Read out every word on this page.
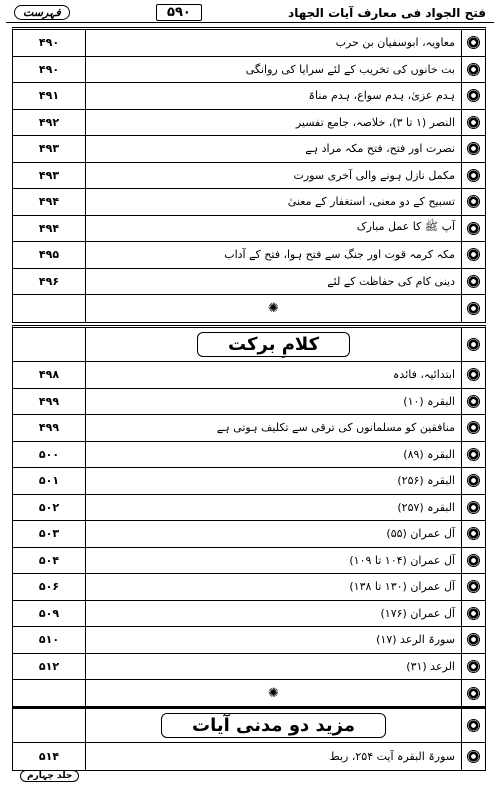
فتح الجواد فی معارف آیات الجهاد
۵۹۰
فہرست
۴۹۰	معاویہ، ابوسفیان بن حرب
۴۹۰	بت خانوں کی تخریب کے لئے سرایا کی روانگی
۴۹۱	ہدم عزیٰ، ہدم سواع، ہدم مناۃ
۴۹۲	النصر (۱ تا ۳)، خلاصہ، جامع تفسیر
۴۹۳	نصرت اور فتح، فتح مکہ مراد ہے
۴۹۳	مکمل نازل ہونے والی آخری سورت
۴۹۴	تسبیح کے دو معنی، استغفار کے معنیٰ
۴۹۴	آپ ﷺ کا عمل مبارک
۴۹۵	مکہ کرمہ قوت اور جنگ سے فتح ہوا، فتح کے آداب
۴۹۶	دینی کام کی حفاظت کے لئے
✺
کلامِ برکت
۴۹۸	ابتدائیہ، فائدہ
۴۹۹	البقرہ (۱۰)
۴۹۹	منافقین کو مسلمانوں کی ترقی سے تکلیف ہوتی ہے
۵۰۰	البقرہ (۸۹)
۵۰۱	البقرہ (۲۵۶)
۵۰۲	البقرہ (۲۵۷)
۵۰۳	آل عمران (۵۵)
۵۰۴	آل عمران (۱۰۴ تا ۱۰۹)
۵۰۶	آل عمران (۱۳۰ تا ۱۳۸)
۵۰۹	آل عمران (۱۷۶)
۵۱۰	سورۃ الرعد (۱۷)
۵۱۲	الرعد (۳۱)
✺
مزید دو مدنی آیات
۵۱۴	سورۃ البقرہ آیت ۲۵۴، ربط
جلد چہارم
